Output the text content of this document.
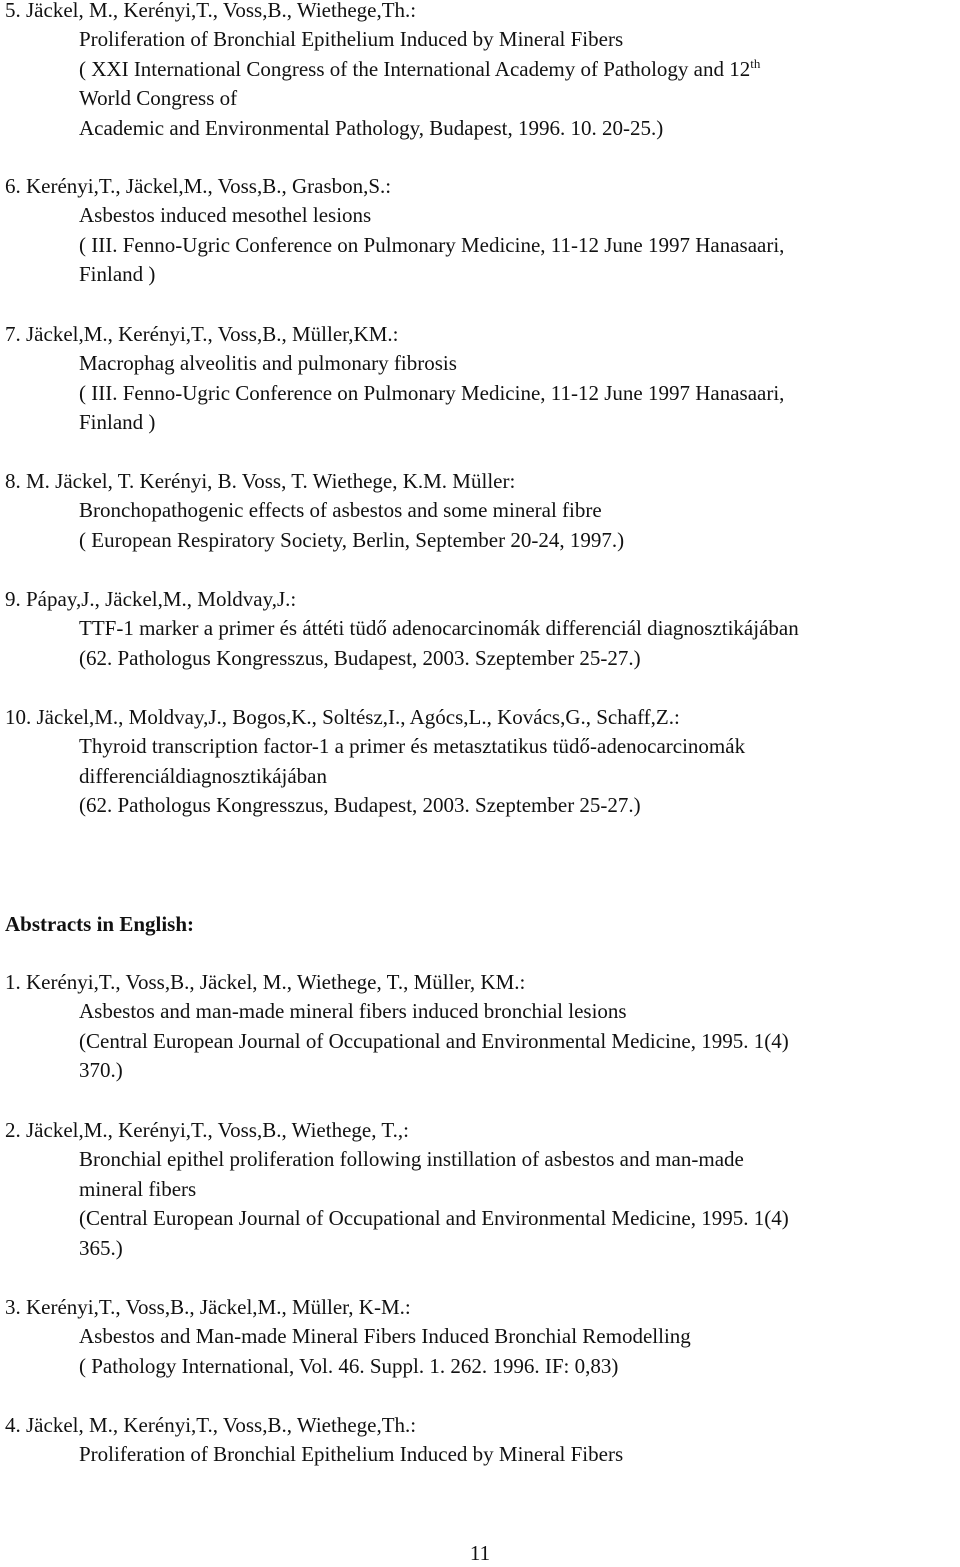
5. Jäckel, M., Kerényi,T., Voss,B., Wiethege,Th.:
Proliferation of Bronchial Epithelium Induced by Mineral Fibers
( XXI International Congress of the International Academy of Pathology and 12th
World Congress of
Academic and Environmental Pathology, Budapest, 1996. 10. 20-25.)
6. Kerényi,T., Jäckel,M., Voss,B., Grasbon,S.:
Asbestos induced mesothel lesions
( III. Fenno-Ugric Conference on Pulmonary Medicine, 11-12 June 1997 Hanasaari,
Finland )
7. Jäckel,M., Kerényi,T., Voss,B., Müller,KM.:
Macrophag alveolitis and pulmonary fibrosis
( III. Fenno-Ugric Conference on Pulmonary Medicine, 11-12 June 1997 Hanasaari,
Finland )
8. M. Jäckel, T. Kerényi, B. Voss, T. Wiethege, K.M. Müller:
Bronchopathogenic effects of asbestos and some mineral fibre
( European Respiratory Society, Berlin, September 20-24, 1997.)
9. Pápay,J., Jäckel,M., Moldvay,J.:
TTF-1 marker a primer és áttéti tüdő adenocarcinomák differenciál diagnosztikájában
(62. Pathologus Kongresszus, Budapest, 2003. Szeptember 25-27.)
10. Jäckel,M., Moldvay,J., Bogos,K., Soltész,I., Agócs,L., Kovács,G., Schaff,Z.:
Thyroid transcription factor-1 a primer és metasztatikus tüdő-adenocarcinomák
differenciáldiagnosztikájában
(62. Pathologus Kongresszus, Budapest, 2003. Szeptember 25-27.)
Abstracts in English:
1. Kerényi,T., Voss,B., Jäckel, M., Wiethege, T., Müller, KM.:
Asbestos and man-made mineral fibers induced bronchial lesions
(Central European Journal of Occupational and Environmental Medicine, 1995. 1(4)
370.)
2. Jäckel,M., Kerényi,T., Voss,B., Wiethege, T.,:
Bronchial epithel proliferation following instillation of asbestos and man-made
mineral fibers
(Central European Journal of Occupational and Environmental Medicine, 1995. 1(4)
365.)
3. Kerényi,T., Voss,B., Jäckel,M., Müller, K-M.:
Asbestos and Man-made Mineral Fibers Induced Bronchial Remodelling
( Pathology International, Vol. 46. Suppl. 1. 262. 1996. IF: 0,83)
4. Jäckel, M., Kerényi,T., Voss,B., Wiethege,Th.:
Proliferation of Bronchial Epithelium Induced by Mineral Fibers
11
